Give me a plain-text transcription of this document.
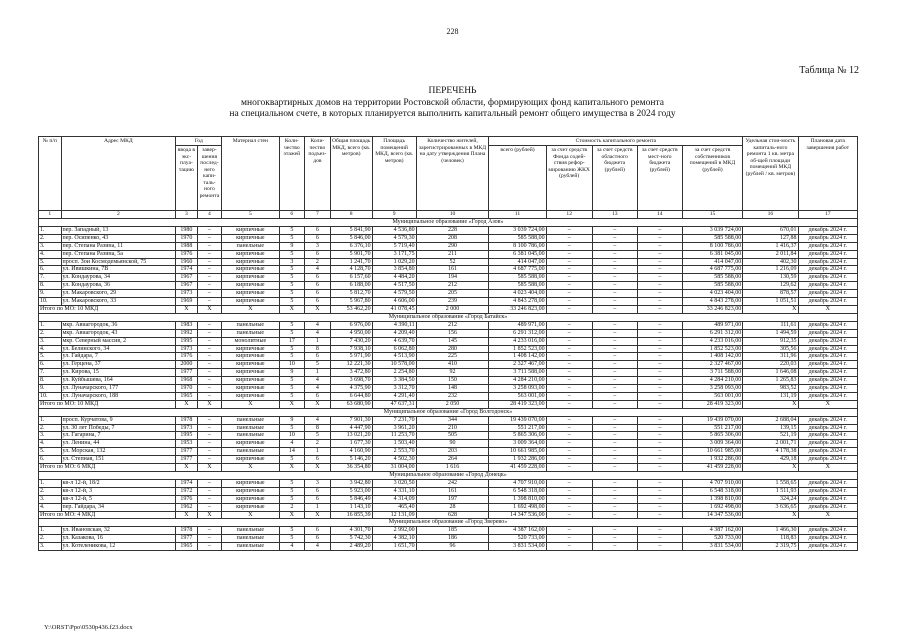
228
Таблица № 12
ПЕРЕЧЕНЬ
многоквартирных домов на территории Ростовской области, формирующих фонд капитального ремонта
на специальном счете, в которых планируется выполнить капитальный ремонт общего имущества в 2024 году
№ п/п	Адрес МКД	Год		Материал стен	Коли-чество этажей	Коли-чество подъез-дов	Общая площадь МКД, всего (кв. метров)	Площадь помещений МКД, всего (кв. метров)	Количество жителей, зарегистрированных в МКД на дату утверждения Плана (человек)	Стоимость капитального ремонта					Удельная стои-мость капиталь-ного ремонта 1 кв. метра об-щей площади помещений МКД (рублей / кв. метров)	Плановая дата завершения работ
		ввода в экс-плуа-тацию	завер-шения послед-него капи-таль-ного ремонта							всего (рублей)	за счет средств Фонда содей-ствия рефор-мированию ЖКХ (рублей)	за счет средств областного бюджета (рублей)	за счет средств мест-ного бюджета (рублей)	за счет средств собственников помещений в МКД (рублей)		
1	2	3	4	5	6	7	8	9	10	11	12	13	14	15	16	17
Муниципальное образование «Город Азов»																
1.	пер. Западный, 13	1980	–	кирпичные	5	6	5 841,90	4 536,80	228	3 039 724,00	–	–	–	3 039 724,00	670,01	декабрь 2024 г.
2.	пер. Осипенко, 43	1970	–	кирпичные	5	6	5 846,00	4 579,30	208	585 588,00	–	–	–	585 588,00	127,88	декабрь 2024 г.
3.	пер. Степана Разина, 11	1988	–	панельные	9	3	6 376,10	5 719,40	290	8 100 786,00	–	–	–	8 100 786,00	1 416,37	декабрь 2024 г.
4.	пер. Степана Разина, 5а	1976	–	кирпичные	5	6	5 901,70	3 171,75	211	6 381 045,00	–	–	–	6 381 045,00	2 011,84	декабрь 2024 г.
5.	просп. Зои Космодемьянской, 75	1960	–	кирпичные	3	2	1 241,70	1 029,20	52	414 047,00	–	–	–	414 047,00	402,30	декабрь 2024 г.
6.	ул. Ивишкина, 7В	1974	–	кирпичные	5	4	4 128,70	3 854,80	161	4 687 775,00	–	–	–	4 687 775,00	1 216,09	декабрь 2024 г.
7.	ул. Кондаурова, 34	1967	–	кирпичные	5	6	6 157,60	4 484,20	194	585 588,00	–	–	–	585 588,00	130,59	декабрь 2024 г.
8.	ул. Кондаурова, 36	1967	–	кирпичные	5	6	6 188,00	4 517,50	212	585 588,00	–	–	–	585 588,00	129,62	декабрь 2024 г.
9.	ул. Макаровского, 29	1973	–	кирпичные	5	6	5 812,70	4 579,50	205	4 023 404,00	–	–	–	4 023 404,00	878,57	декабрь 2024 г.
10.	ул. Макаровского, 33	1969	–	кирпичные	5	6	5 967,80	4 606,00	239	4 843 278,00	–	–	–	4 843 278,00	1 051,51	декабрь 2024 г.
Итого по МО: 10 МКД		X	X	X	X	X	53 462,20	41 078,45	2 000	33 246 823,00	–	–	–	33 246 823,00	X	X
Муниципальное образование «Город Батайск»																
1.	мкр. Авиагородок, 36	1983	–	панельные	5	4	6 976,00	4 390,11	212	489 971,00	–	–	–	489 971,00	111,61	декабрь 2024 г.
2.	мкр. Авиагородок, 43	1992	–	панельные	5	4	4 950,00	4 209,40	156	6 291 312,00	–	–	–	6 291 312,00	1 494,59	декабрь 2024 г.
3.	мкр. Северный массив, 2	1995	–	монолитные	17	1	7 430,20	4 639,70	145	4 233 016,00	–	–	–	4 233 016,00	912,35	декабрь 2024 г.
4.	ул. Белинского, 34	1973	–	кирпичные	5	8	7 938,10	6 062,80	280	1 852 523,00	–	–	–	1 852 523,00	305,56	декабрь 2024 г.
5.	ул. Гайдара, 7	1976	–	кирпичные	5	6	5 971,90	4 513,90	225	1 408 142,00	–	–	–	1 408 142,00	311,96	декабрь 2024 г.
6.	ул. Герцена, 37	2000	–	кирпичные	10	5	12 221,30	10 578,00	410	2 327 467,00	–	–	–	2 327 467,00	220,03	декабрь 2024 г.
7.	ул. Кирова, 15	1977	–	кирпичные	9	1	3 472,80	2 254,80	92	3 711 588,00	–	–	–	3 711 588,00	1 646,08	декабрь 2024 г.
8.	ул. Куйбышева, 164	1968	–	кирпичные	5	4	3 698,70	3 384,50	150	4 284 210,00	–	–	–	4 284 210,00	1 265,83	декабрь 2024 г.
9.	ул. Луначарского, 177	1970	–	кирпичные	5	4	4 375,90	3 312,70	148	3 258 093,00	–	–	–	3 258 093,00	983,52	декабрь 2024 г.
10.	ул. Луначарского, 188	1965	–	кирпичные	5	6	6 644,80	4 291,40	232	563 001,00	–	–	–	563 001,00	131,19	декабрь 2024 г.
Итого по МО: 10 МКД		X	X	X	X	X	63 680,90	47 637,31	2 050	28 419 323,00	–	–	–	28 419 323,00	X	X
Муниципальное образование «Город Волгодонск»																
1.	просп. Курчатова, 9	1978	–	панельные	9	4	7 901,30	7 231,70	344	19 439 070,00	–	–	–	19 439 070,00	2 688,04	декабрь 2024 г.
2.	ул. 30 лет Победы, 7	1973	–	панельные	5	8	4 447,90	3 961,20	210	551 217,00	–	–	–	551 217,00	139,15	декабрь 2024 г.
3.	ул. Гагарина, 7	1995	–	панельные	10	5	13 021,20	11 253,70	505	5 865 306,00	–	–	–	5 865 306,00	521,19	декабрь 2024 г.
4.	ул. Ленина, 44	1953	–	кирпичные	4	2	1 677,30	1 503,40	90	3 009 364,00	–	–	–	3 009 364,00	2 001,71	декабрь 2024 г.
5.	ул. Морская, 132	1977	–	панельные	14	1	4 160,90	2 553,70	203	10 661 985,00	–	–	–	10 661 985,00	4 178,38	декабрь 2024 г.
6.	ул. Степная, 151	1977	–	кирпичные	5	6	5 146,20	4 502,30	264	1 932 286,00	–	–	–	1 932 286,00	429,18	декабрь 2024 г.
Итого по МО: 6 МКД		X	X	X	X	X	36 354,80	31 004,00	1 616	41 459 228,00	–	–	–	41 459 228,00	X	X
Муниципальное образование «Город Донецк»																
1.	кв-л 12-й, 18/2	1974	–	кирпичные	5	3	3 942,80	3 020,50	242	4 707 910,00	–	–	–	4 707 910,00	1 558,65	декабрь 2024 г.
2.	кв-л 12-й, 3	1972	–	кирпичные	5	6	5 923,00	4 331,10	161	6 548 318,00	–	–	–	6 548 318,00	1 511,93	декабрь 2024 г.
3.	кв-л 12-й, 5	1976	–	кирпичные	5	6	5 846,49	4 314,09	197	1 398 810,00	–	–	–	1 398 810,00	324,24	декабрь 2024 г.
4.	пер. Гайдара, 34	1962	–	кирпичные	2	1	1 143,10	465,40	28	1 692 498,00	–	–	–	1 692 498,00	3 636,65	декабрь 2024 г.
Итого по МО: 4 МКД		X	X	X	X	X	16 855,39	12 131,09	628	14 347 536,00	–	–	–	14 347 536,00	X	X
Муниципальное образование «Город Зверево»																
1.	ул. Ивановская, 32	1978	–	панельные	5	6	4 301,70	2 992,00	185	4 387 162,00	–	–	–	4 387 162,00	1 466,30	декабрь 2024 г.
2.	ул. Казакова, 16	1977	–	панельные	5	6	5 742,30	4 382,10	186	520 733,00	–	–	–	520 733,00	118,83	декабрь 2024 г.
3.	ул. Котеленикова, 12	1965	–	панельные	4	4	2 489,20	1 651,70	96	3 831 534,00	–	–	–	3 831 534,00	2 319,75	декабрь 2024 г.
Y:\ORST\Ppo\0530p436.f23.docx
